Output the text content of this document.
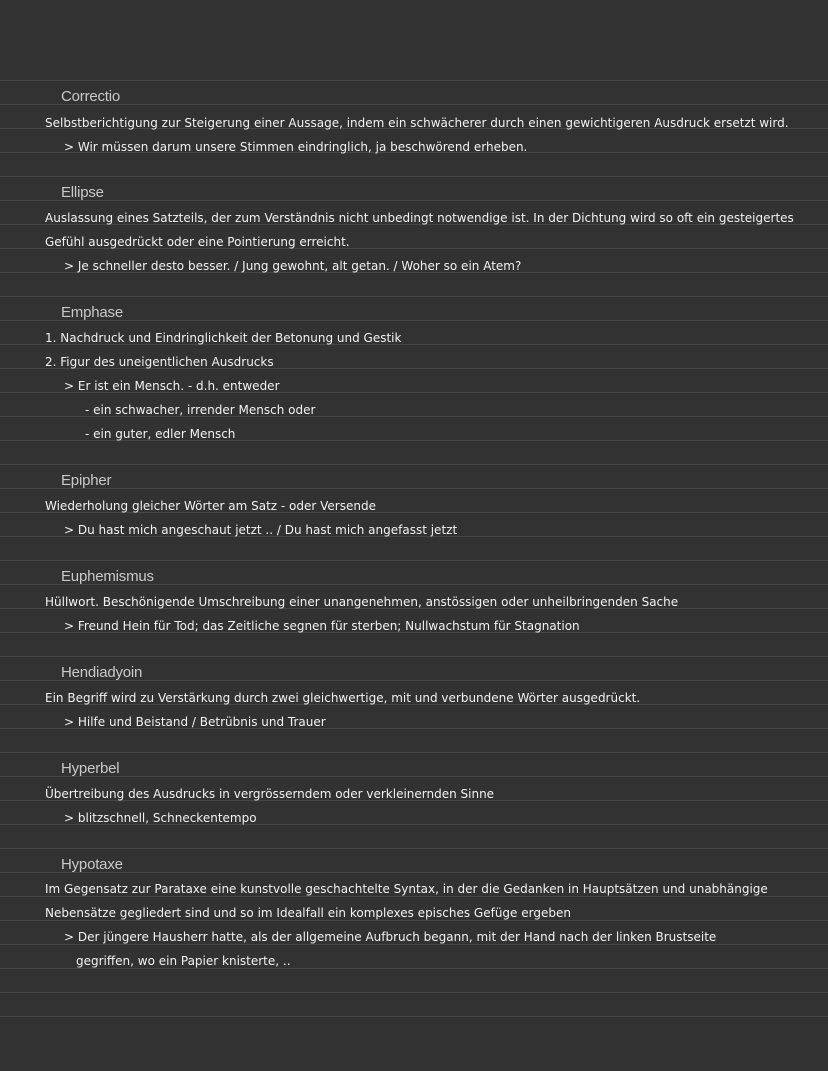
Correctio
Selbstberichtigung zur Steigerung einer Aussage, indem ein schwächerer durch einen gewichtigeren Ausdruck ersetzt wird.
> Wir müssen darum unsere Stimmen eindringlich, ja beschwörend erheben.
Ellipse
Auslassung eines Satzteils, der zum Verständnis nicht unbedingt notwendige ist. In der Dichtung wird so oft ein gesteigertes
Gefühl ausgedrückt oder eine Pointierung erreicht.
> Je schneller desto besser. / Jung gewohnt, alt getan. / Woher so ein Atem?
Emphase
1. Nachdruck und Eindringlichkeit der Betonung und Gestik
2. Figur des uneigentlichen Ausdrucks
> Er ist ein Mensch. - d.h. entweder
- ein schwacher, irrender Mensch oder
- ein guter, edler Mensch
Epipher
Wiederholung gleicher Wörter am Satz - oder Versende
> Du hast mich angeschaut jetzt .. / Du hast mich angefasst jetzt
Euphemismus
Hüllwort. Beschönigende Umschreibung einer unangenehmen, anstössigen oder unheilbringenden Sache
> Freund Hein für Tod; das Zeitliche segnen für sterben; Nullwachstum für Stagnation
Hendiadyoin
Ein Begriff wird zu Verstärkung durch zwei gleichwertige, mit und verbundene Wörter ausgedrückt.
> Hilfe und Beistand / Betrübnis und Trauer
Hyperbel
Übertreibung des Ausdrucks in vergrösserndem oder verkleinernden Sinne
> blitzschnell, Schneckentempo
Hypotaxe
Im Gegensatz zur Parataxe eine kunstvolle geschachtelte Syntax, in der die Gedanken in Hauptsätzen und unabhängige
Nebensätze gegliedert sind und so im Idealfall ein komplexes episches Gefüge ergeben
> Der jüngere Hausherr hatte, als der allgemeine Aufbruch begann, mit der Hand nach der linken Brustseite
gegriffen, wo ein Papier knisterte, ..
